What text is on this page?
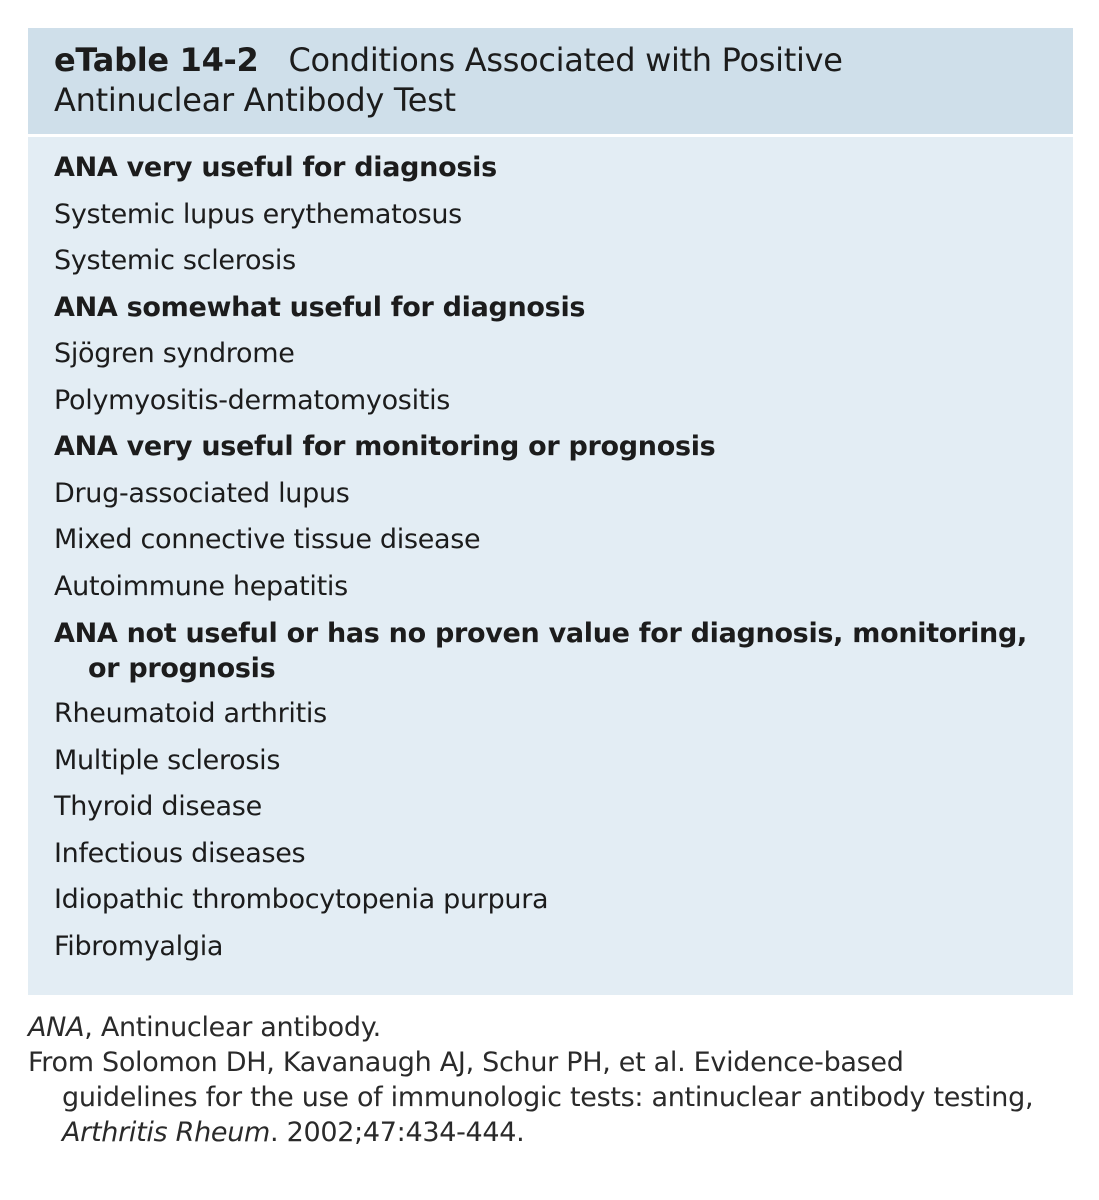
eTable 14-2 Conditions Associated with Positive
Antinuclear Antibody Test
ANA very useful for diagnosis
Systemic lupus erythematosus
Systemic sclerosis
ANA somewhat useful for diagnosis
Sjögren syndrome
Polymyositis-dermatomyositis
ANA very useful for monitoring or prognosis
Drug-associated lupus
Mixed connective tissue disease
Autoimmune hepatitis
ANA not useful or has no proven value for diagnosis, monitoring,
or prognosis
Rheumatoid arthritis
Multiple sclerosis
Thyroid disease
Infectious diseases
Idiopathic thrombocytopenia purpura
Fibromyalgia
ANA, Antinuclear antibody.
From Solomon DH, Kavanaugh AJ, Schur PH, et al. Evidence-based
guidelines for the use of immunologic tests: antinuclear antibody testing,
Arthritis Rheum. 2002;47:434-444.
